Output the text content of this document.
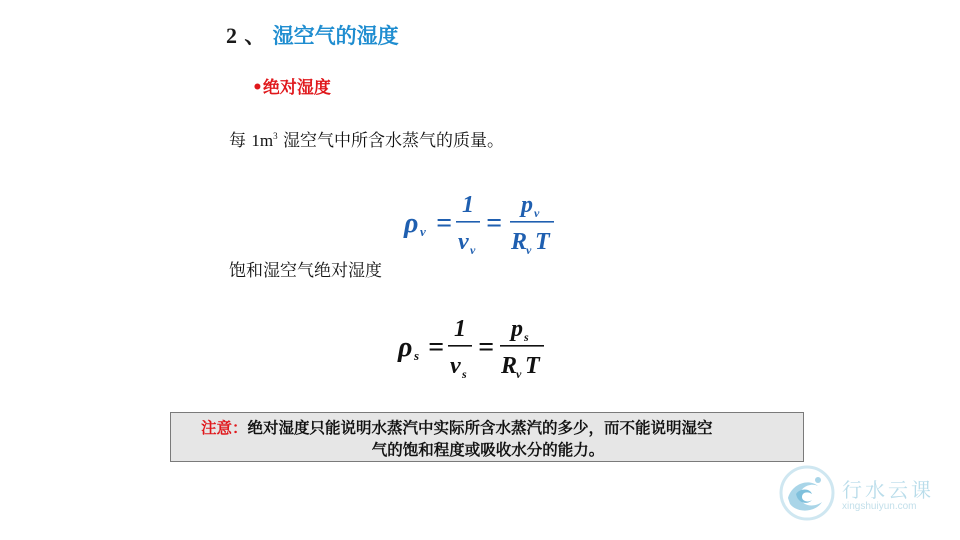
2 、 湿空气的湿度
•绝对湿度
每 $1m^3$ 湿空气中所含水蒸气的质量。
ρ v =
1
v v
=
p v
R
v T
饱和湿空气绝对湿度
ρ s =
1
v s
=
p s
R
v T
注意：绝对湿度只能说明水蒸汽中实际所含水蒸汽的多少，而不能说明湿空
气的饱和程度或吸收水分的能力。
行水云课
xingshuiyun.com
